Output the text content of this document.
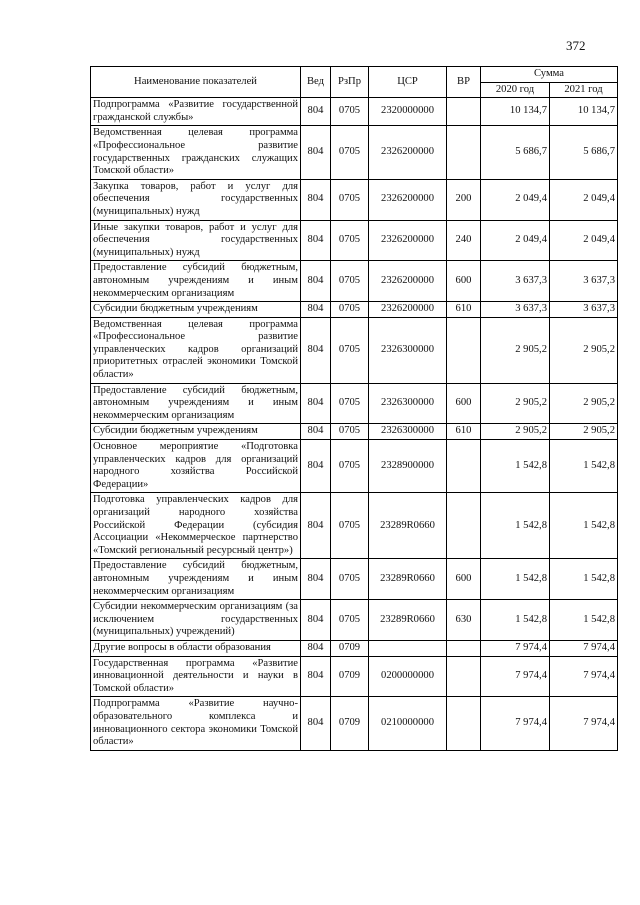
372
Наименование показателей	Вед	РзПр	ЦСР	ВР	Сумма	
					2020 год	2021 год
Подпрограмма «Развитие государственной гражданской службы»	804	0705	2320000000		10 134,7	10 134,7
Ведомственная целевая программа «Профессиональное развитие государственных гражданских служащих Томской области»	804	0705	2326200000		5 686,7	5 686,7
Закупка товаров, работ и услуг для обеспечения государственных (муниципальных) нужд	804	0705	2326200000	200	2 049,4	2 049,4
Иные закупки товаров, работ и услуг для обеспечения государственных (муниципальных) нужд	804	0705	2326200000	240	2 049,4	2 049,4
Предоставление субсидий бюджетным, автономным учреждениям и иным некоммерческим организациям	804	0705	2326200000	600	3 637,3	3 637,3
Субсидии бюджетным учреждениям	804	0705	2326200000	610	3 637,3	3 637,3
Ведомственная целевая программа «Профессиональное развитие управленческих кадров организаций приоритетных отраслей экономики Томской области»	804	0705	2326300000		2 905,2	2 905,2
Предоставление субсидий бюджетным, автономным учреждениям и иным некоммерческим организациям	804	0705	2326300000	600	2 905,2	2 905,2
Субсидии бюджетным учреждениям	804	0705	2326300000	610	2 905,2	2 905,2
Основное мероприятие «Подготовка управленческих кадров для организаций народного хозяйства Российской Федерации»	804	0705	2328900000		1 542,8	1 542,8
Подготовка управленческих кадров для организаций народного хозяйства Российской Федерации (субсидия Ассоциации «Некоммерческое партнерство «Томский региональный ресурсный центр»)	804	0705	23289R0660		1 542,8	1 542,8
Предоставление субсидий бюджетным, автономным учреждениям и иным некоммерческим организациям	804	0705	23289R0660	600	1 542,8	1 542,8
Субсидии некоммерческим организациям (за исключением государственных (муниципальных) учреждений)	804	0705	23289R0660	630	1 542,8	1 542,8
Другие вопросы в области образования	804	0709			7 974,4	7 974,4
Государственная программа «Развитие инновационной деятельности и науки в Томской области»	804	0709	0200000000		7 974,4	7 974,4
Подпрограмма «Развитие научно-образовательного комплекса и инновационного сектора экономики Томской области»	804	0709	0210000000		7 974,4	7 974,4
